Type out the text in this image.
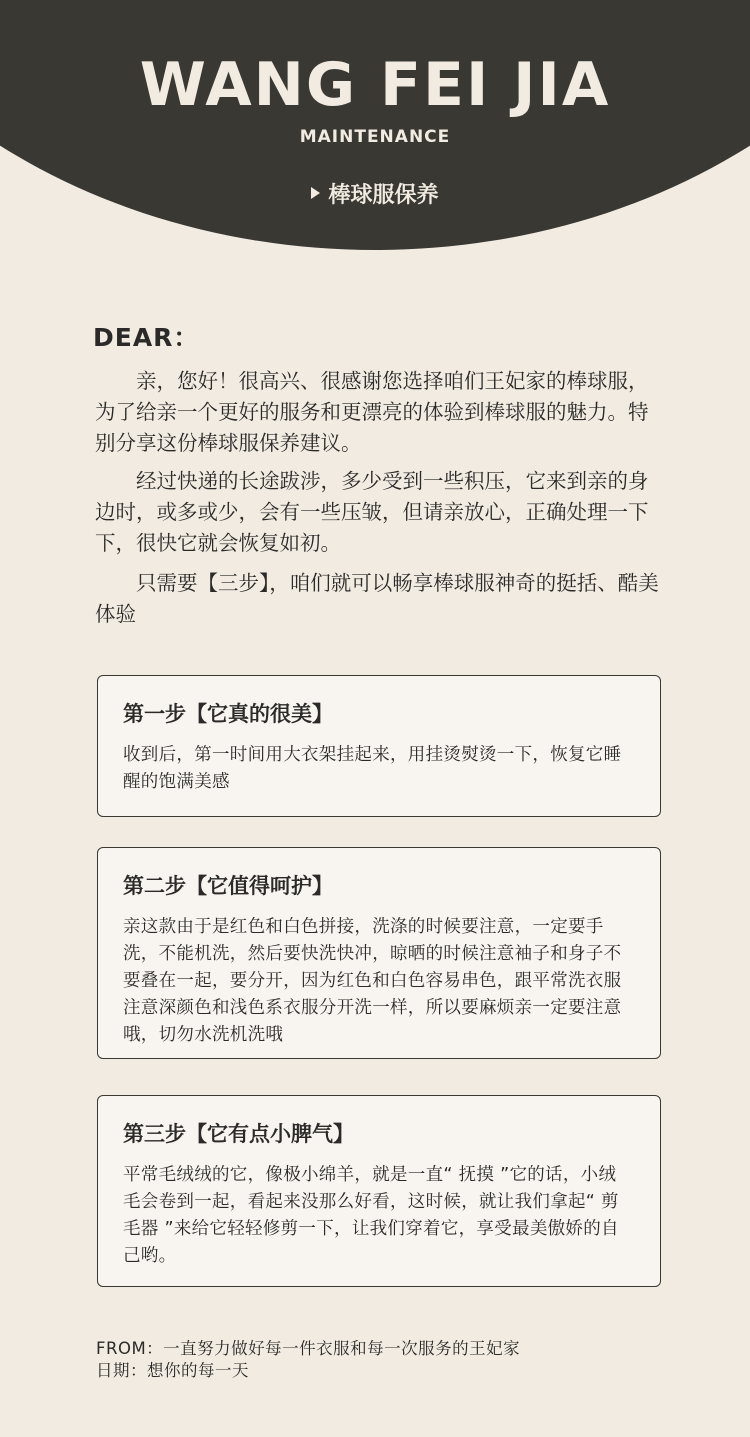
WANG FEI JIA
MAINTENANCE
棒球服保养
DEAR：
亲，您好！很高兴、很感谢您选择咱们王妃家的棒球服，为了给亲一个更好的服务和更漂亮的体验到棒球服的魅力。特别分享这份棒球服保养建议。
经过快递的长途跋涉，多少受到一些积压，它来到亲的身边时，或多或少，会有一些压皱，但请亲放心，正确处理一下下，很快它就会恢复如初。
只需要【三步】，咱们就可以畅享棒球服神奇的挺括、酷美体验
第一步【它真的很美】
收到后，第一时间用大衣架挂起来，用挂烫熨烫一下，恢复它睡醒的饱满美感
第二步【它值得呵护】
亲这款由于是红色和白色拼接，洗涤的时候要注意，一定要手洗，不能机洗，然后要快洗快冲，晾晒的时候注意袖子和身子不要叠在一起，要分开，因为红色和白色容易串色，跟平常洗衣服注意深颜色和浅色系衣服分开洗一样，所以要麻烦亲一定要注意哦，切勿水洗机洗哦
第三步【它有点小脾气】
平常毛绒绒的它，像极小绵羊，就是一直“ 抚摸 ”它的话，小绒毛会卷到一起，看起来没那么好看，这时候，就让我们拿起“ 剪毛器 ”来给它轻轻修剪一下，让我们穿着它，享受最美傲娇的自己哟。
FROM：一直努力做好每一件衣服和每一次服务的王妃家
日期：想你的每一天
